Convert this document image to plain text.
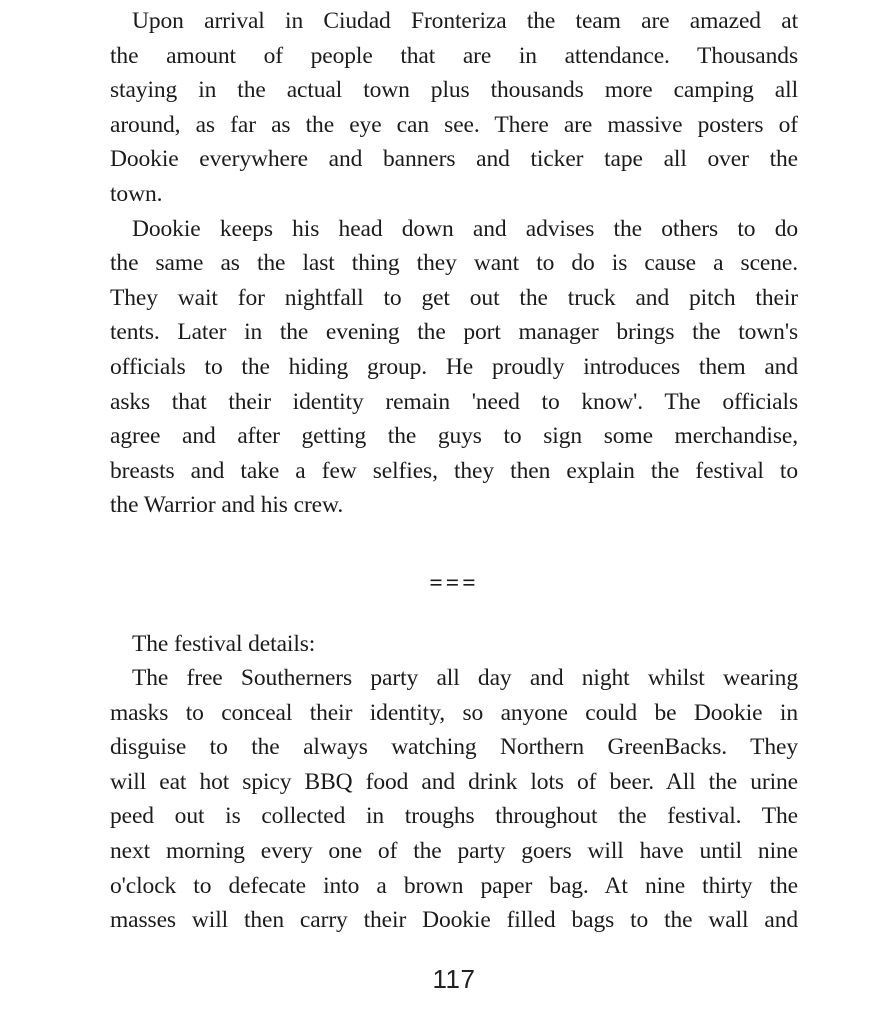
Upon arrival in Ciudad Fronteriza the team are amazed at
the amount of people that are in attendance. Thousands
staying in the actual town plus thousands more camping all
around, as far as the eye can see. There are massive posters of
Dookie everywhere and banners and ticker tape all over the
town.
Dookie keeps his head down and advises the others to do
the same as the last thing they want to do is cause a scene.
They wait for nightfall to get out the truck and pitch their
tents. Later in the evening the port manager brings the town's
officials to the hiding group. He proudly introduces them and
asks that their identity remain 'need to know'. The officials
agree and after getting the guys to sign some merchandise,
breasts and take a few selfies, they then explain the festival to
the Warrior and his crew.
===
The festival details:
The free Southerners party all day and night whilst wearing
masks to conceal their identity, so anyone could be Dookie in
disguise to the always watching Northern GreenBacks. They
will eat hot spicy BBQ food and drink lots of beer. All the urine
peed out is collected in troughs throughout the festival. The
next morning every one of the party goers will have until nine
o'clock to defecate into a brown paper bag. At nine thirty the
masses will then carry their Dookie filled bags to the wall and
117
